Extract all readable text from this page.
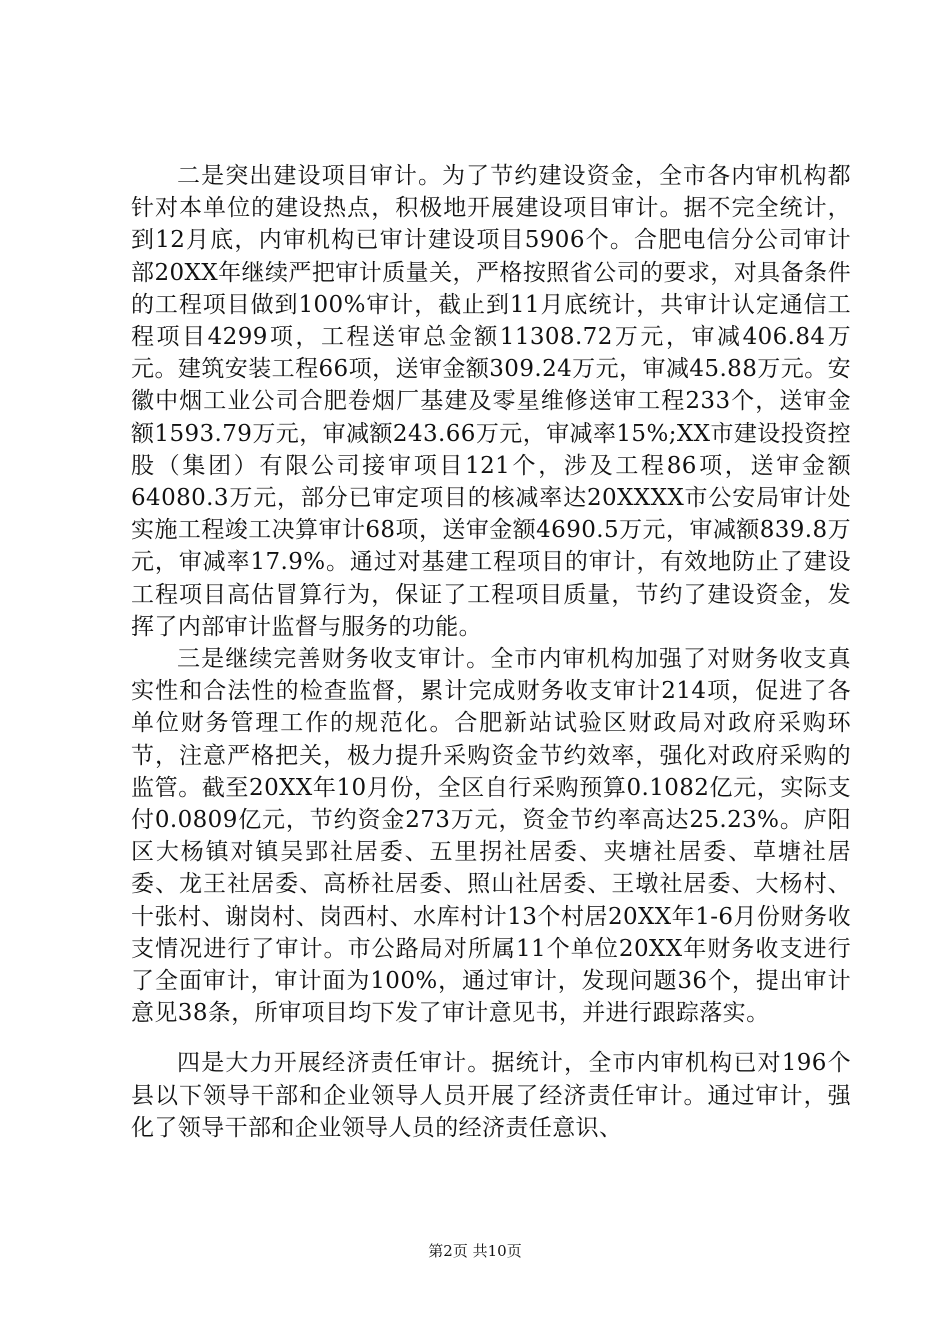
二是突出建设项目审计。为了节约建设资金，全市各内审机构都针对本单位的建设热点，积极地开展建设项目审计。据不完全统计，到12月底，内审机构已审计建设项目5906个。合肥电信分公司审计部20XX年继续严把审计质量关，严格按照省公司的要求，对具备条件的工程项目做到100%审计，截止到11月底统计，共审计认定通信工程项目4299项，工程送审总金额11308.72万元，审减406.84万元。建筑安装工程66项，送审金额309.24万元，审减45.88万元。安徽中烟工业公司合肥卷烟厂基建及零星维修送审工程233个，送审金额1593.79万元，审减额243.66万元，审减率15%;XX市建设投资控股（集团）有限公司接审项目121个，涉及工程86项，送审金额64080.3万元，部分已审定项目的核减率达20XXXX市公安局审计处实施工程竣工决算审计68项，送审金额4690.5万元，审减额839.8万元，审减率17.9%。通过对基建工程项目的审计，有效地防止了建设工程项目高估冒算行为，保证了工程项目质量，节约了建设资金，发挥了内部审计监督与服务的功能。

三是继续完善财务收支审计。全市内审机构加强了对财务收支真实性和合法性的检查监督，累计完成财务收支审计214项，促进了各单位财务管理工作的规范化。合肥新站试验区财政局对政府采购环节，注意严格把关，极力提升采购资金节约效率，强化对政府采购的监管。截至20XX年10月份，全区自行采购预算0.1082亿元，实际支付0.0809亿元，节约资金273万元，资金节约率高达25.23%。庐阳区大杨镇对镇吴郢社居委、五里拐社居委、夹塘社居委、草塘社居委、龙王社居委、高桥社居委、照山社居委、王墩社居委、大杨村、十张村、谢岗村、岗西村、水库村计13个村居20XX年1-6月份财务收支情况进行了审计。市公路局对所属11个单位20XX年财务收支进行了全面审计，审计面为100%，通过审计，发现问题36个，提出审计意见38条，所审项目均下发了审计意见书，并进行跟踪落实。

四是大力开展经济责任审计。据统计，全市内审机构已对196个县以下领导干部和企业领导人员开展了经济责任审计。通过审计，强化了领导干部和企业领导人员的经济责任意识、

第2页 共10页
